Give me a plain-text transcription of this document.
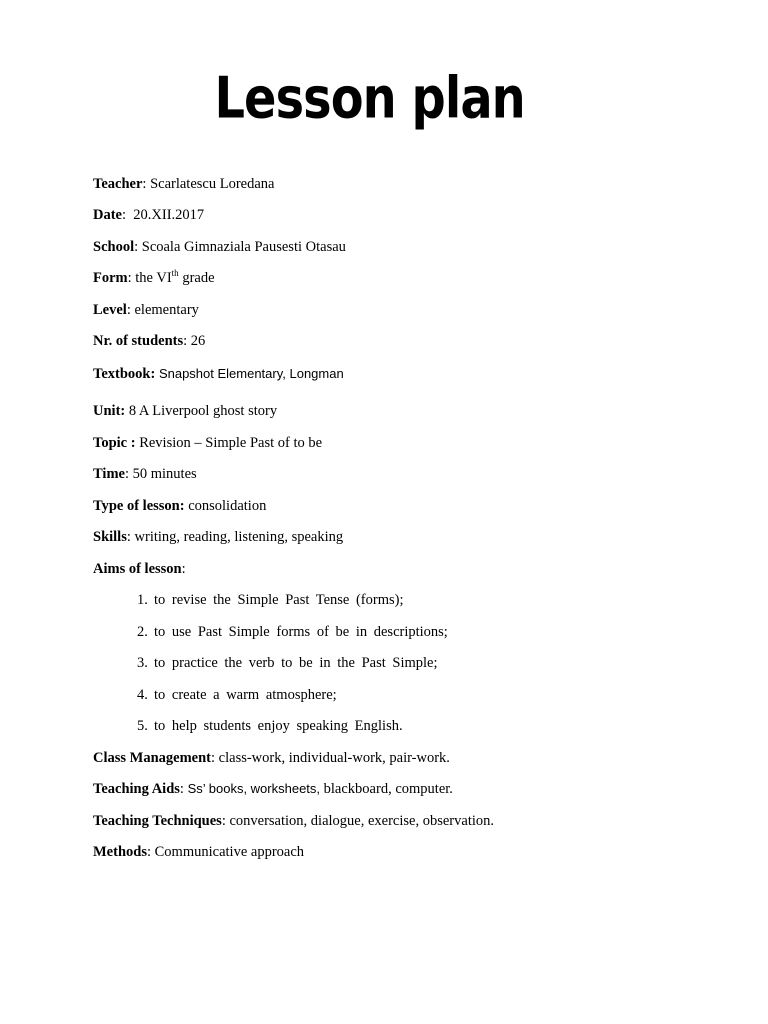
Lesson plan
Teacher: Scarlatescu Loredana
Date:  20.XII.2017
School: Scoala Gimnaziala Pausesti Otasau
Form: the VIth grade
Level: elementary
Nr. of students: 26
Textbook: Snapshot Elementary, Longman
Unit: 8 A Liverpool ghost story
Topic : Revision – Simple Past of to be
Time: 50 minutes
Type of lesson: consolidation
Skills: writing, reading, listening, speaking
Aims of lesson:
1. to revise the Simple Past Tense (forms);
2. to use Past Simple forms of be in descriptions;
3. to practice the verb to be in the Past Simple;
4. to create a warm atmosphere;
5. to help students enjoy speaking English.
Class Management: class-work, individual-work, pair-work.
Teaching Aids: Ss’ books, worksheets, blackboard, computer.
Teaching Techniques: conversation, dialogue, exercise, observation.
Methods: Communicative approach
